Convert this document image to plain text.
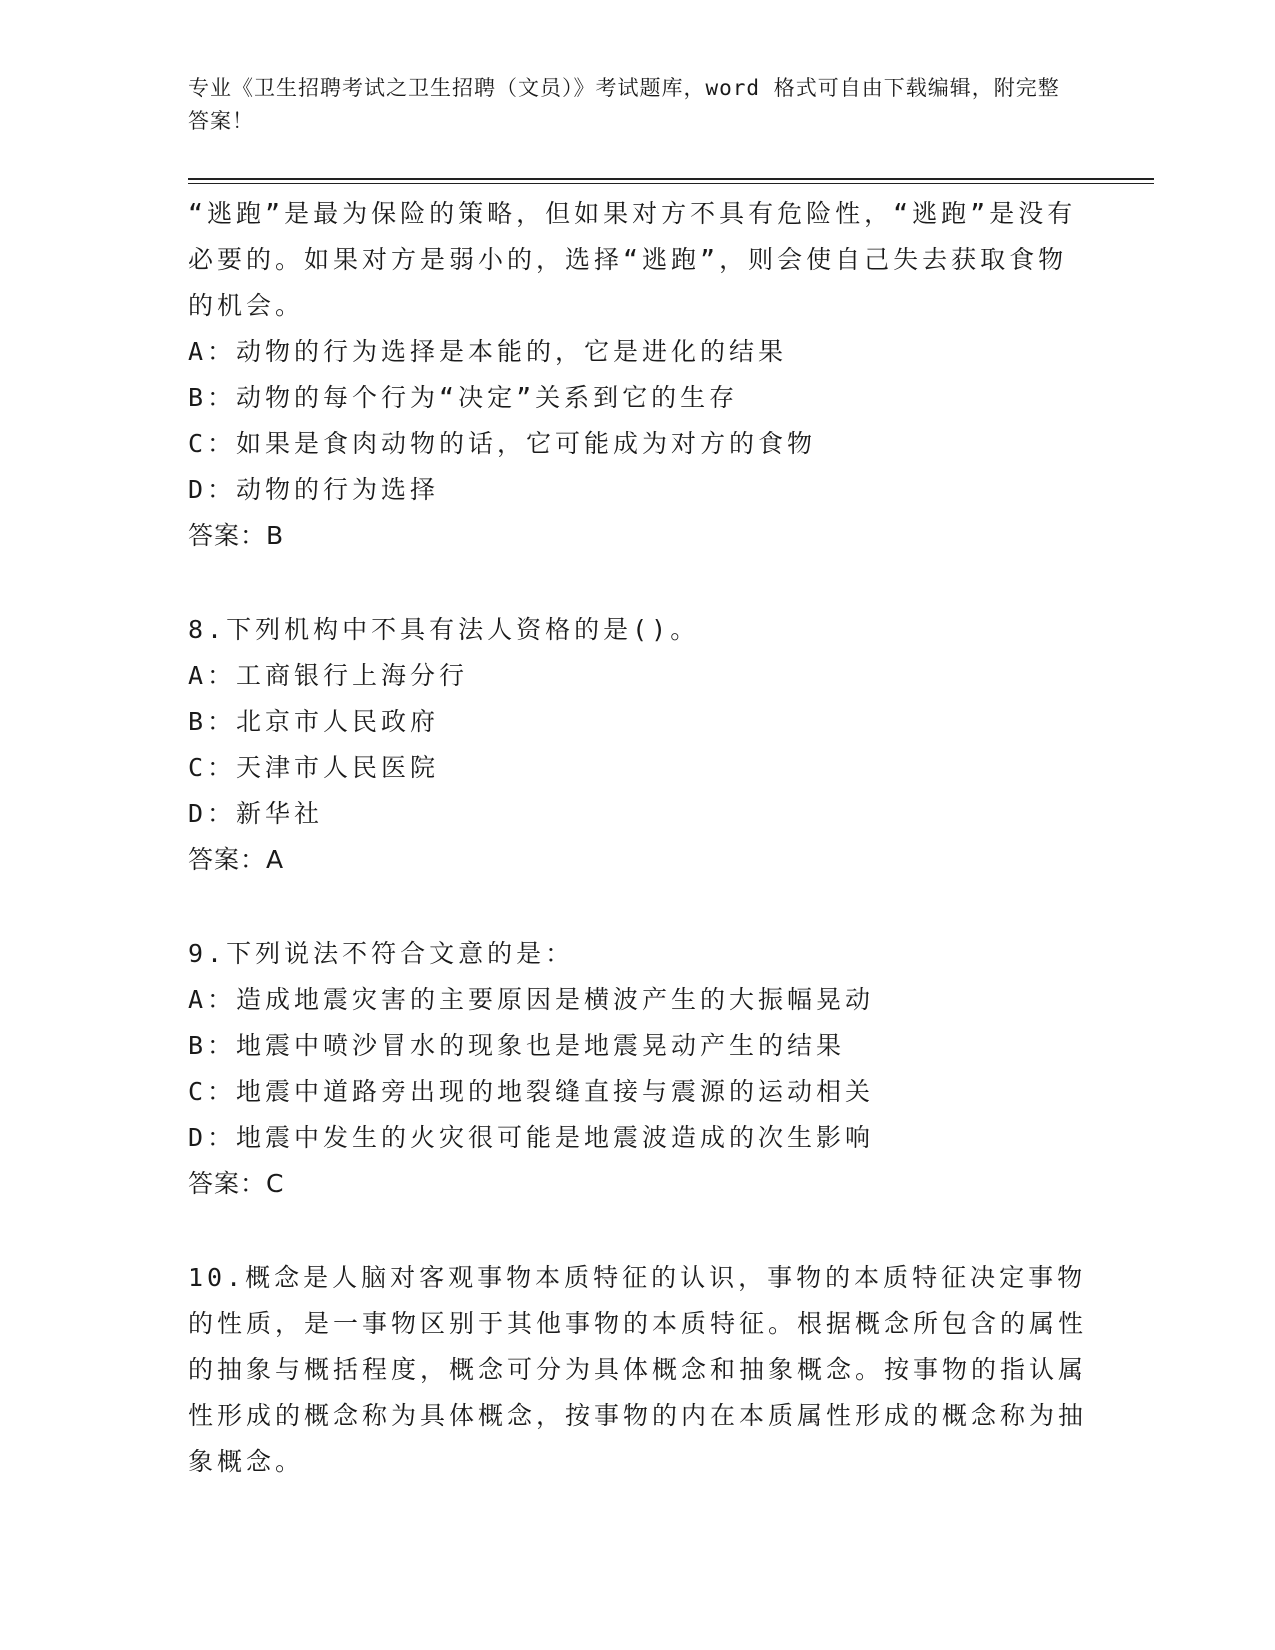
专业《卫生招聘考试之卫生招聘（文员）》考试题库，word 格式可自由下载编辑，附完整答案！

“逃跑”是最为保险的策略，但如果对方不具有危险性，“逃跑”是没有必要的。如果对方是弱小的，选择“逃跑”，则会使自己失去获取食物的机会。

A：动物的行为选择是本能的，它是进化的结果

B：动物的每个行为“决定”关系到它的生存

C：如果是食肉动物的话，它可能成为对方的食物

D：动物的行为选择

答案：B

8.下列机构中不具有法人资格的是()。

A：工商银行上海分行

B：北京市人民政府

C：天津市人民医院

D：新华社

答案：A

9.下列说法不符合文意的是：

A：造成地震灾害的主要原因是横波产生的大振幅晃动

B：地震中喷沙冒水的现象也是地震晃动产生的结果

C：地震中道路旁出现的地裂缝直接与震源的运动相关

D：地震中发生的火灾很可能是地震波造成的次生影响

答案：C

10.概念是人脑对客观事物本质特征的认识，事物的本质特征决定事物的性质，是一事物区别于其他事物的本质特征。根据概念所包含的属性的抽象与概括程度，概念可分为具体概念和抽象概念。按事物的指认属性形成的概念称为具体概念，按事物的内在本质属性形成的概念称为抽象概念。
